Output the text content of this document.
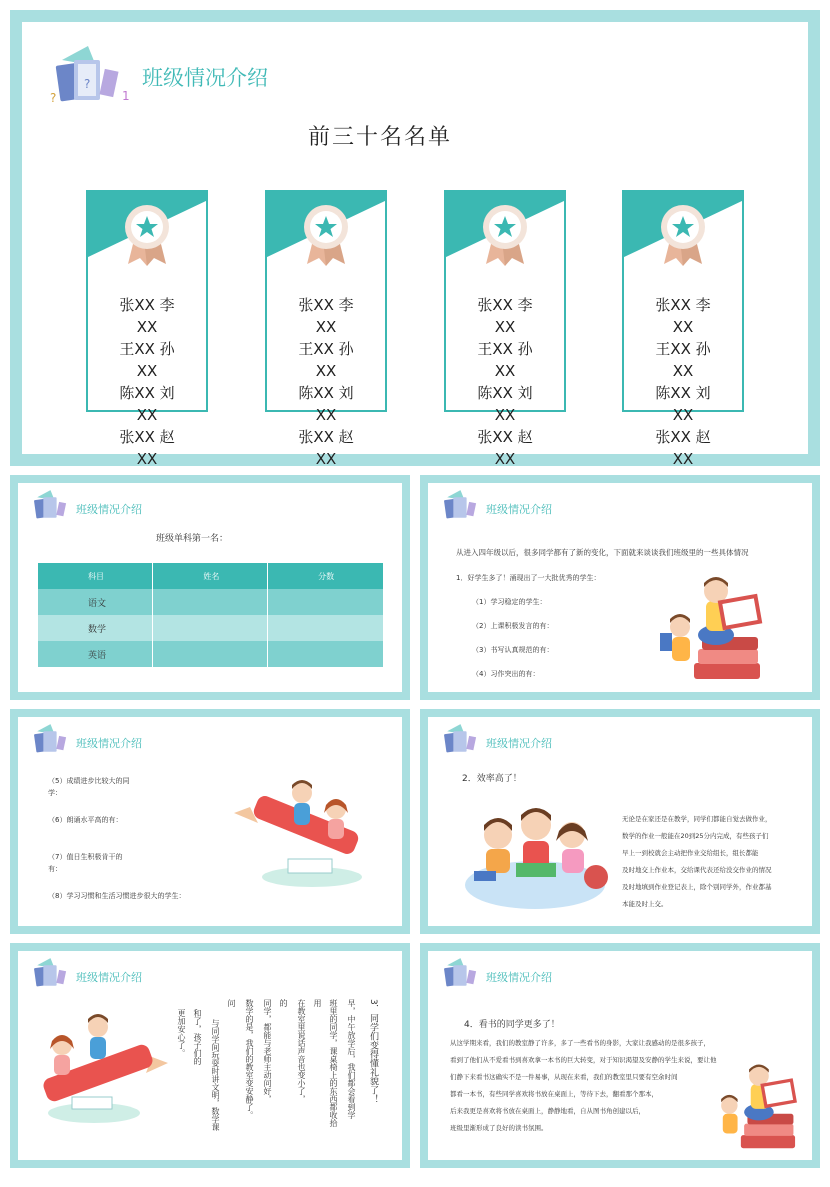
?
?	1
班级情况介绍
前三十名名单
张XX 李
XX
王XX 孙
XX
陈XX 刘
XX
张XX 赵
XX
张XX 李
XX
王XX 孙
XX
陈XX 刘
XX
张XX 赵
XX
张XX 李
XX
王XX 孙
XX
陈XX 刘
XX
张XX 赵
XX
张XX 李
XX
王XX 孙
XX
陈XX 刘
XX
张XX 赵
XX
班级情况介绍
班级单科第一名：
科目	姓名	分数
语文		
数学		
英语		
班级情况介绍
从进入四年级以后，很多同学都有了新的变化，下面就来谈谈我们班级里的一些具体情况
1．好学生多了！涌现出了一大批优秀的学生：
（1）学习稳定的学生：
（2）上课积极发言的有：
（3）书写认真规范的有：
（4）习作突出的有：
班级情况介绍
（5）成绩进步比较大的同
学：
（6）朗诵水平高的有：
（7）值日生积极肯干的
有：
（8）学习习惯和生活习惯进步很大的学生：
班级情况介绍
2．效率高了！
无论是在家还是在教学，同学们都能自觉去做作业，
数学的作业一般能在20到25分内完成，有些孩子们
早上一到校就会主动把作业交给组长，组长都能
及时地交上作业本，交给课代表还给没交作业的情况
及时地填到作业登记表上，除个别同学外，作业都基
本能及时上交。
班级情况介绍
3．同学们变得懂礼貌了！
早，中午放学后，我们都会看到学
班里的同学，课桌椅上的东西都收拾
用
在教室里说话声音也变小了，
的
同学，都能与老师主动问好，
数学的是，我们的教室变安静了。
问
与同学间玩耍时讲文明，数学课
和了，孩子们的
更加安心了。
班级情况介绍
4．看书的同学更多了！
从这学期来看，我们的教室静了许多，多了一些看书的身影，大家让我感动的是很多孩子，
看到了他们从不爱看书到喜欢拿一本书的巨大转变，对于知识渴望及安静的学生来说，要让他
们静下来看书这确实不是一件易事，从现在来看，我们的教室里只要有空余时间
都看一本书，有些同学喜欢将书放在桌面上，等待下去，翻看那个那本，
后来我更是喜欢将书放在桌面上，静静地看，自从图书角创建以后，
班级里渐形成了良好的读书氛围。
